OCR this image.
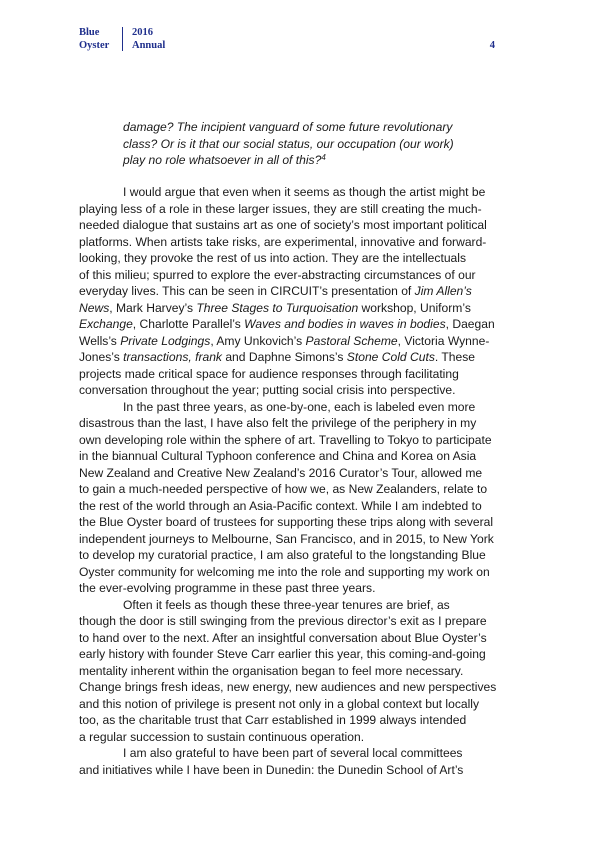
Blue
Oyster
2016
Annual	4
damage? The incipient vanguard of some future revolutionary
class? Or is it that our social status, our occupation (our work)
play no role whatsoever in all of this?$^4$
I would argue that even when it seems as though the artist might be
playing less of a role in these larger issues, they are still creating the much-
needed dialogue that sustains art as one of society’s most important political
platforms. When artists take risks, are experimental, innovative and forward-
looking, they provoke the rest of us into action. They are the intellectuals
of this milieu; spurred to explore the ever-abstracting circumstances of our
everyday lives. This can be seen in CIRCUIT’s presentation of Jim Allen’s
News, Mark Harvey’s Three Stages to Turquoisation workshop, Uniform’s
Exchange, Charlotte Parallel’s Waves and bodies in waves in bodies, Daegan
Wells’s Private Lodgings, Amy Unkovich’s Pastoral Scheme, Victoria Wynne-
Jones’s transactions, frank and Daphne Simons’s Stone Cold Cuts. These
projects made critical space for audience responses through facilitating
conversation throughout the year; putting social crisis into perspective.
In the past three years, as one-by-one, each is labeled even more
disastrous than the last, I have also felt the privilege of the periphery in my
own developing role within the sphere of art. Travelling to Tokyo to participate
in the biannual Cultural Typhoon conference and China and Korea on Asia
New Zealand and Creative New Zealand’s 2016 Curator’s Tour, allowed me
to gain a much-needed perspective of how we, as New Zealanders, relate to
the rest of the world through an Asia-Pacific context. While I am indebted to
the Blue Oyster board of trustees for supporting these trips along with several
independent journeys to Melbourne, San Francisco, and in 2015, to New York
to develop my curatorial practice, I am also grateful to the longstanding Blue
Oyster community for welcoming me into the role and supporting my work on
the ever-evolving programme in these past three years.
Often it feels as though these three-year tenures are brief, as
though the door is still swinging from the previous director’s exit as I prepare
to hand over to the next. After an insightful conversation about Blue Oyster’s
early history with founder Steve Carr earlier this year, this coming-and-going
mentality inherent within the organisation began to feel more necessary.
Change brings fresh ideas, new energy, new audiences and new perspectives
and this notion of privilege is present not only in a global context but locally
too, as the charitable trust that Carr established in 1999 always intended
a regular succession to sustain continuous operation.
I am also grateful to have been part of several local committees
and initiatives while I have been in Dunedin: the Dunedin School of Art’s
